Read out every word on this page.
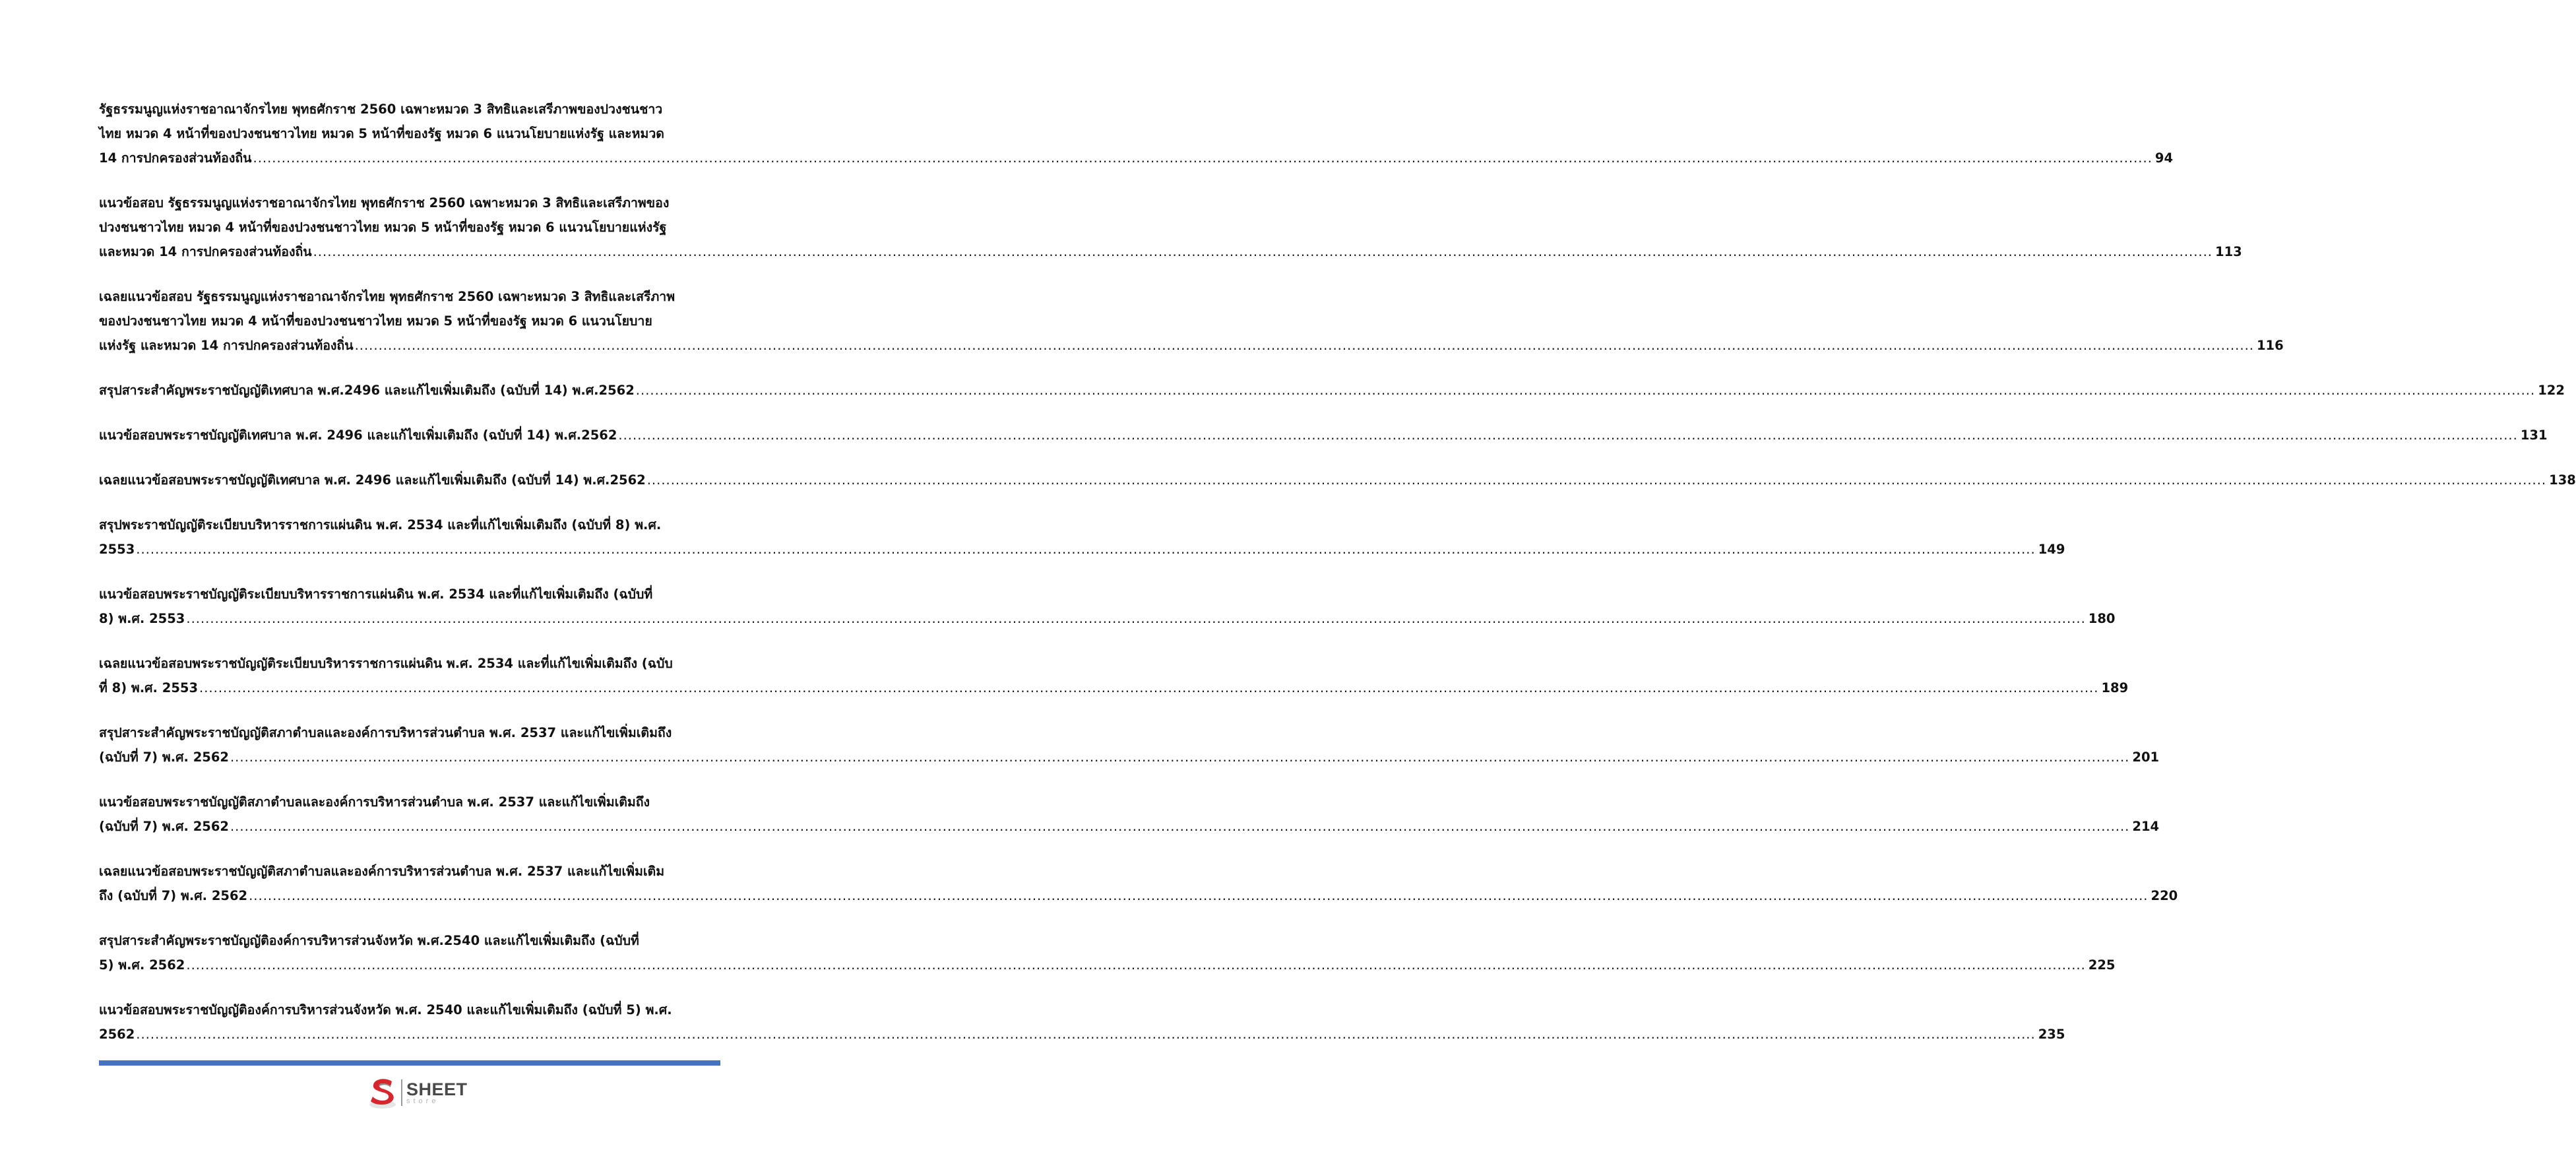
รัฐธรรมนูญแห่งราชอาณาจักรไทย พุทธศักราช 2560 เฉพาะหมวด 3 สิทธิและเสรีภาพของปวงชนชาว
ไทย หมวด 4 หน้าที่ของปวงชนชาวไทย หมวด 5 หน้าที่ของรัฐ หมวด 6 แนวนโยบายแห่งรัฐ และหมวด
14 การปกครองส่วนท้องถิ่น ................................................................................................................................................................................................................................................................................................................................................................................................................ 94
แนวข้อสอบ รัฐธรรมนูญแห่งราชอาณาจักรไทย พุทธศักราช 2560 เฉพาะหมวด 3 สิทธิและเสรีภาพของ
ปวงชนชาวไทย หมวด 4 หน้าที่ของปวงชนชาวไทย หมวด 5 หน้าที่ของรัฐ หมวด 6 แนวนโยบายแห่งรัฐ
และหมวด 14 การปกครองส่วนท้องถิ่น ................................................................................................................................................................................................................................................................................................................................................................................................................ 113
เฉลยแนวข้อสอบ รัฐธรรมนูญแห่งราชอาณาจักรไทย พุทธศักราช 2560 เฉพาะหมวด 3 สิทธิและเสรีภาพ
ของปวงชนชาวไทย หมวด 4 หน้าที่ของปวงชนชาวไทย หมวด 5 หน้าที่ของรัฐ หมวด 6 แนวนโยบาย
แห่งรัฐ และหมวด 14 การปกครองส่วนท้องถิ่น ................................................................................................................................................................................................................................................................................................................................................................................................................ 116
สรุปสาระสำคัญพระราชบัญญัติเทศบาล พ.ศ.2496 และแก้ไขเพิ่มเติมถึง (ฉบับที่ 14) พ.ศ.2562 ................................................................................................................................................................................................................................................................................................................................................................................................................ 122
แนวข้อสอบพระราชบัญญัติเทศบาล พ.ศ. 2496 และแก้ไขเพิ่มเติมถึง (ฉบับที่ 14) พ.ศ.2562 ................................................................................................................................................................................................................................................................................................................................................................................................................ 131
เฉลยแนวข้อสอบพระราชบัญญัติเทศบาล พ.ศ. 2496 และแก้ไขเพิ่มเติมถึง (ฉบับที่ 14) พ.ศ.2562 ................................................................................................................................................................................................................................................................................................................................................................................................................ 138
สรุปพระราชบัญญัติระเบียบบริหารราชการแผ่นดิน พ.ศ. 2534 และที่แก้ไขเพิ่มเติมถึง (ฉบับที่ 8) พ.ศ.
2553 ................................................................................................................................................................................................................................................................................................................................................................................................................ 149
แนวข้อสอบพระราชบัญญัติระเบียบบริหารราชการแผ่นดิน พ.ศ. 2534 และที่แก้ไขเพิ่มเติมถึง (ฉบับที่
8) พ.ศ. 2553 ................................................................................................................................................................................................................................................................................................................................................................................................................ 180
เฉลยแนวข้อสอบพระราชบัญญัติระเบียบบริหารราชการแผ่นดิน พ.ศ. 2534 และที่แก้ไขเพิ่มเติมถึง (ฉบับ
ที่ 8) พ.ศ. 2553 ................................................................................................................................................................................................................................................................................................................................................................................................................ 189
สรุปสาระสำคัญพระราชบัญญัติสภาตำบลและองค์การบริหารส่วนตำบล พ.ศ. 2537 และแก้ไขเพิ่มเติมถึง
(ฉบับที่ 7) พ.ศ. 2562 ................................................................................................................................................................................................................................................................................................................................................................................................................ 201
แนวข้อสอบพระราชบัญญัติสภาตำบลและองค์การบริหารส่วนตำบล พ.ศ. 2537 และแก้ไขเพิ่มเติมถึง
(ฉบับที่ 7) พ.ศ. 2562 ................................................................................................................................................................................................................................................................................................................................................................................................................ 214
เฉลยแนวข้อสอบพระราชบัญญัติสภาตำบลและองค์การบริหารส่วนตำบล พ.ศ. 2537 และแก้ไขเพิ่มเติม
ถึง (ฉบับที่ 7) พ.ศ. 2562 ................................................................................................................................................................................................................................................................................................................................................................................................................ 220
สรุปสาระสำคัญพระราชบัญญัติองค์การบริหารส่วนจังหวัด พ.ศ.2540 และแก้ไขเพิ่มเติมถึง (ฉบับที่
5) พ.ศ. 2562 ................................................................................................................................................................................................................................................................................................................................................................................................................ 225
แนวข้อสอบพระราชบัญญัติองค์การบริหารส่วนจังหวัด พ.ศ. 2540 และแก้ไขเพิ่มเติมถึง (ฉบับที่ 5) พ.ศ.
2562 ................................................................................................................................................................................................................................................................................................................................................................................................................ 235
SHEET
store
